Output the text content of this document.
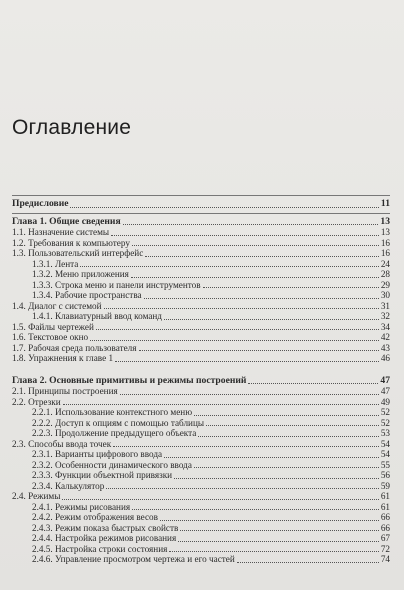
Оглавление
Предисловие	11
Глава 1. Общие сведения	13
1.1. Назначение системы	13
1.2. Требования к компьютеру	16
1.3. Пользовательский интерфейс	16
1.3.1. Лента	24
1.3.2. Меню приложения	28
1.3.3. Строка меню и панели инструментов	29
1.3.4. Рабочие пространства	30
1.4. Диалог с системой	31
1.4.1. Клавиатурный ввод команд	32
1.5. Файлы чертежей	34
1.6. Текстовое окно	42
1.7. Рабочая среда пользователя	43
1.8. Упражнения к главе 1	46
Глава 2. Основные примитивы и режимы построений	47
2.1. Принципы построения	47
2.2. Отрезки	49
2.2.1. Использование контекстного меню	52
2.2.2. Доступ к опциям с помощью таблицы	52
2.2.3. Продолжение предыдущего объекта	53
2.3. Способы ввода точек	54
2.3.1. Варианты цифрового ввода	54
2.3.2. Особенности динамического ввода	55
2.3.3. Функции объектной привязки	56
2.3.4. Калькулятор	59
2.4. Режимы	61
2.4.1. Режимы рисования	61
2.4.2. Режим отображения весов	66
2.4.3. Режим показа быстрых свойств	66
2.4.4. Настройка режимов рисования	67
2.4.5. Настройка строки состояния	72
2.4.6. Управление просмотром чертежа и его частей	74
